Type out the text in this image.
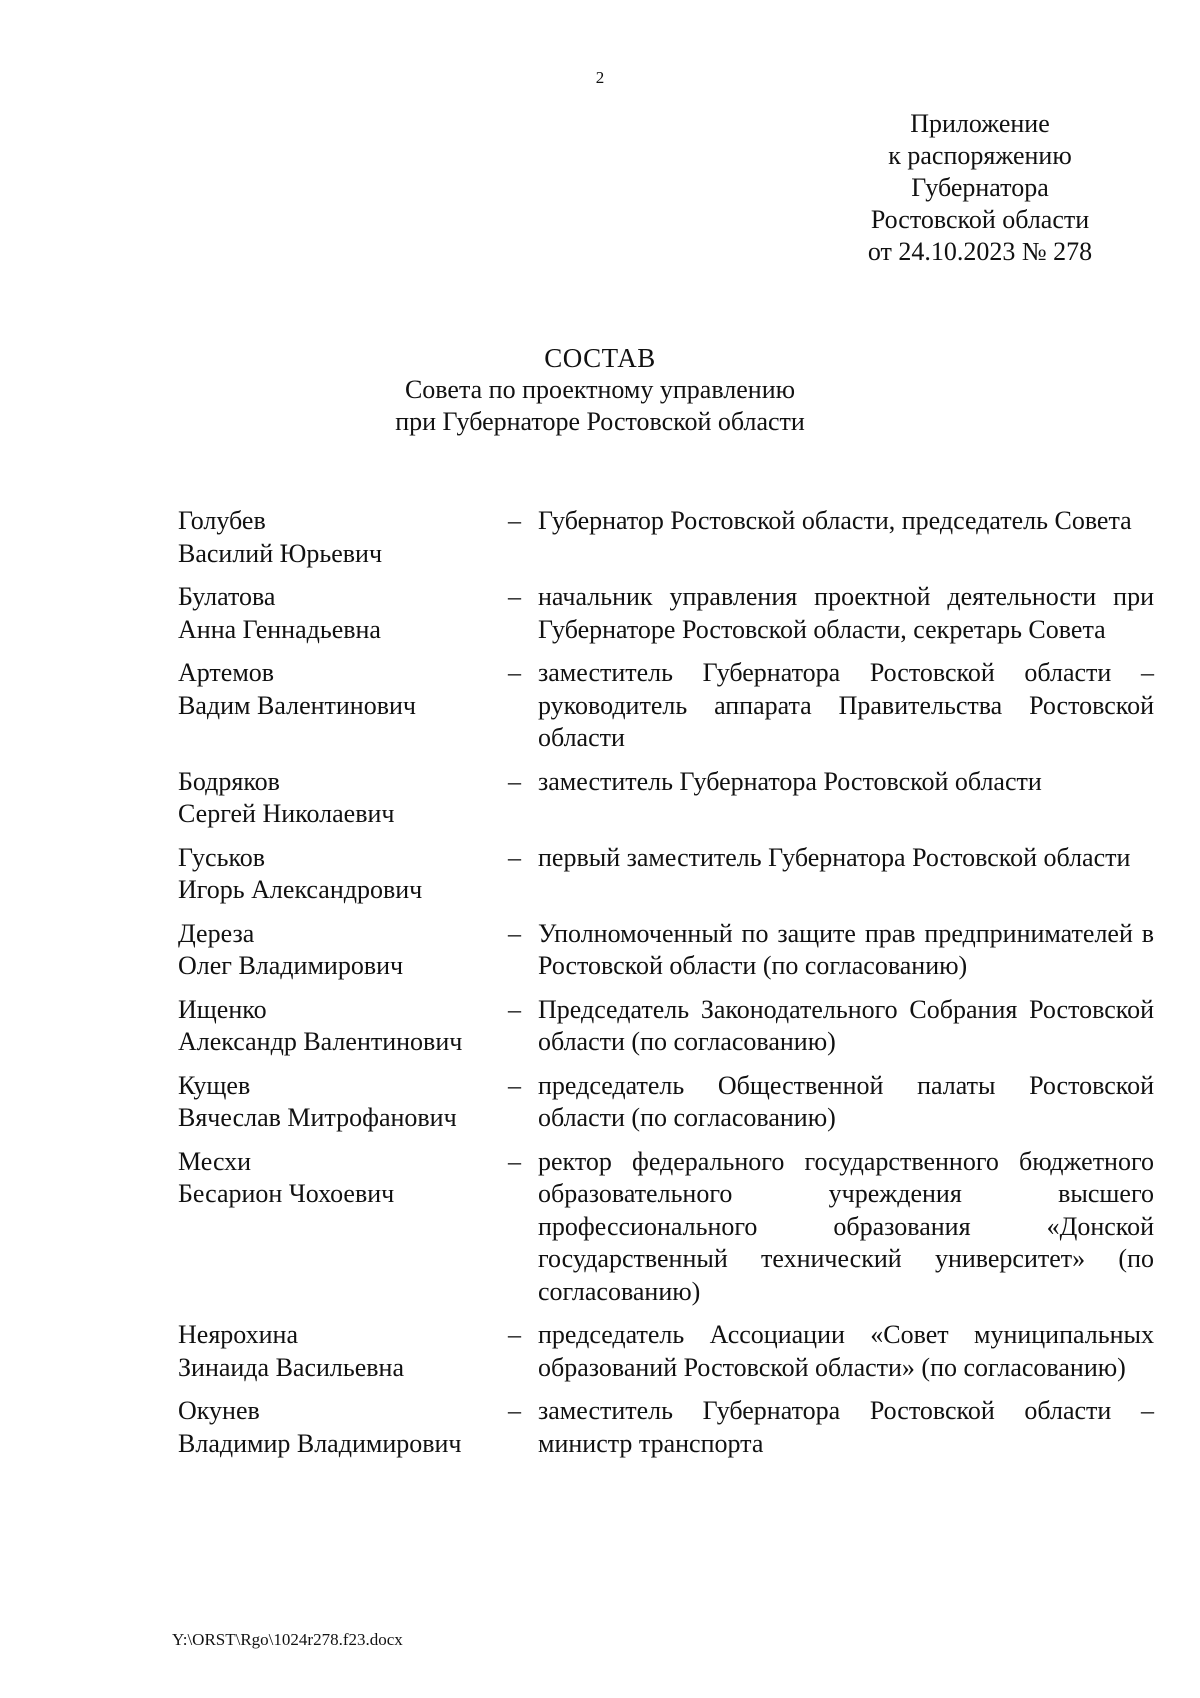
2
Приложение
к распоряжению
Губернатора
Ростовской области
от 24.10.2023 № 278
СОСТАВ
Совета по проектному управлению
при Губернаторе Ростовской области
Голубев
Василий Юрьевич
– Губернатор Ростовской области, председатель Совета
Булатова
Анна Геннадьевна
– начальник управления проектной деятельности при Губернаторе Ростовской области, секретарь Совета
Артемов
Вадим Валентинович
– заместитель Губернатора Ростовской области – руководитель аппарата Правительства Ростовской области
Бодряков
Сергей Николаевич
– заместитель Губернатора Ростовской области
Гуськов
Игорь Александрович
– первый заместитель Губернатора Ростовской области
Дереза
Олег Владимирович
– Уполномоченный по защите прав предпринимателей в Ростовской области (по согласованию)
Ищенко
Александр Валентинович
– Председатель Законодательного Собрания Ростовской области (по согласованию)
Кущев
Вячеслав Митрофанович
– председатель Общественной палаты Ростовской области (по согласованию)
Месхи
Бесарион Чохоевич
– ректор федерального государственного бюджетного образовательного учреждения высшего профессионального образования «Донской государственный технический университет» (по согласованию)
Неярохина
Зинаида Васильевна
– председатель Ассоциации «Совет муниципальных образований Ростовской области» (по согласованию)
Окунев
Владимир Владимирович
– заместитель Губернатора Ростовской области – министр транспорта
Y:\ORST\Rgo\1024r278.f23.docx
